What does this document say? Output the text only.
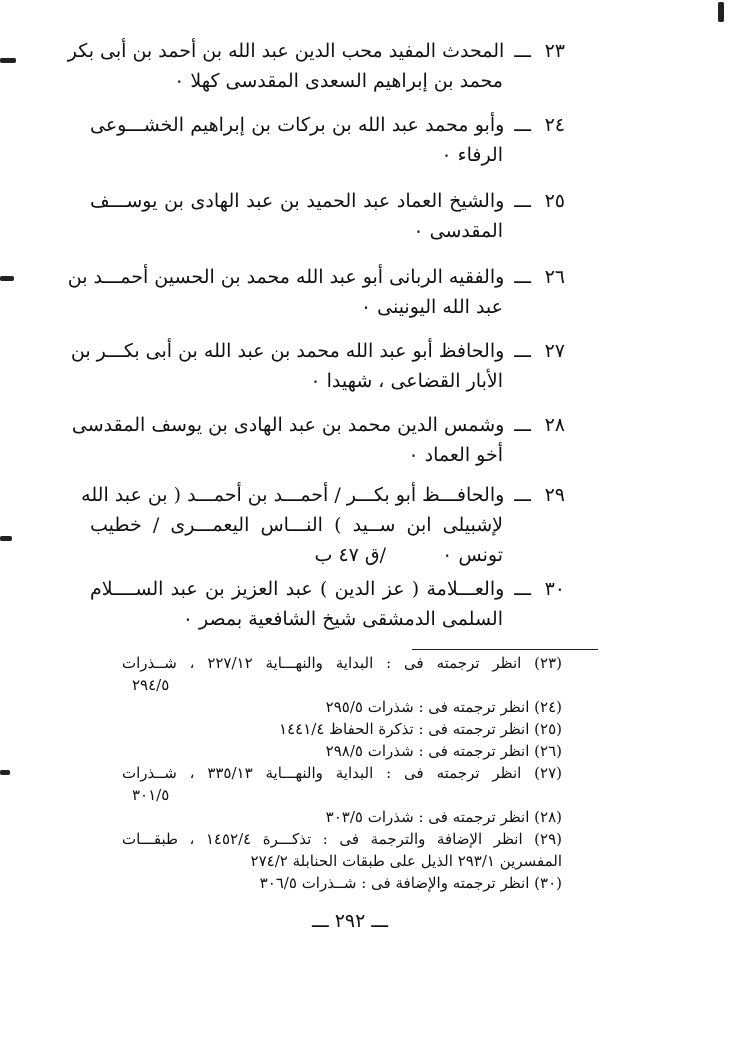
٢٣
ـــ
المحدث المفيد محب الدين عبد الله بن أحمد بن أبى بكر
محمد بن إبراهيم السعدى المقدسى كهلا ٠
٢٤
ـــ
وأبو محمد عبد الله بن بركات بن إبراهيم الخشـــوعى
الرفاء ٠
٢٥
ـــ
والشيخ العماد عبد الحميد بن عبد الهادى بن يوســـف
المقدسى ٠
٢٦
ـــ
والفقيه الربانى أبو عبد الله محمد بن الحسين أحمـــد بن
عبد الله اليونينى ٠
٢٧
ـــ
والحافظ أبو عبد الله محمد بن عبد الله بن أبى بكـــر بن
الأبار القضاعى ، شهيدا ٠
٢٨
ـــ
وشمس الدين محمد بن عبد الهادى بن يوسف المقدسى
أخو العماد ٠
٢٩
ـــ
والحافـــظ أبو بكـــر / أحمـــد بن أحمـــد ( بن عبد الله
لإشبيلى ابن ســيد ) النـــاس اليعمـــرى / خطيب
تونس ٠ /ق ٤٧ ب
٣٠
ـــ
والعـــلامة ( عز الدين ) عبد العزيز بن عبد الســــلام
السلمى الدمشقى شيخ الشافعية بمصر ٠
(٢٣) انظر ترجمته فى : البداية والنهـــاية ٢٢٧/١٢ ، شــذرات
٢٩٤/٥
(٢٤) انظر ترجمته فى : شذرات ٢٩٥/٥
(٢٥) انظر ترجمته فى : تذكرة الحفاظ ١٤٤١/٤
(٢٦) انظر ترجمته فى : شذرات ٢٩٨/٥
(٢٧) انظر ترجمته فى : البداية والنهـــاية ٣٣٥/١٣ ، شــذرات
٣٠١/٥
(٢٨) انظر ترجمته فى : شذرات ٣٠٣/٥
(٢٩) انظر الإضافة والترجمة فى : تذكـــرة ١٤٥٢/٤ ، طبقـــات
المفسرين ٢٩٣/١ الذيل على طبقات الحنابلة ٢٧٤/٢
(٣٠) انظر ترجمته والإضافة فى : شــذرات ٣٠٦/٥
ـــ ٢٩٢ ـــ
